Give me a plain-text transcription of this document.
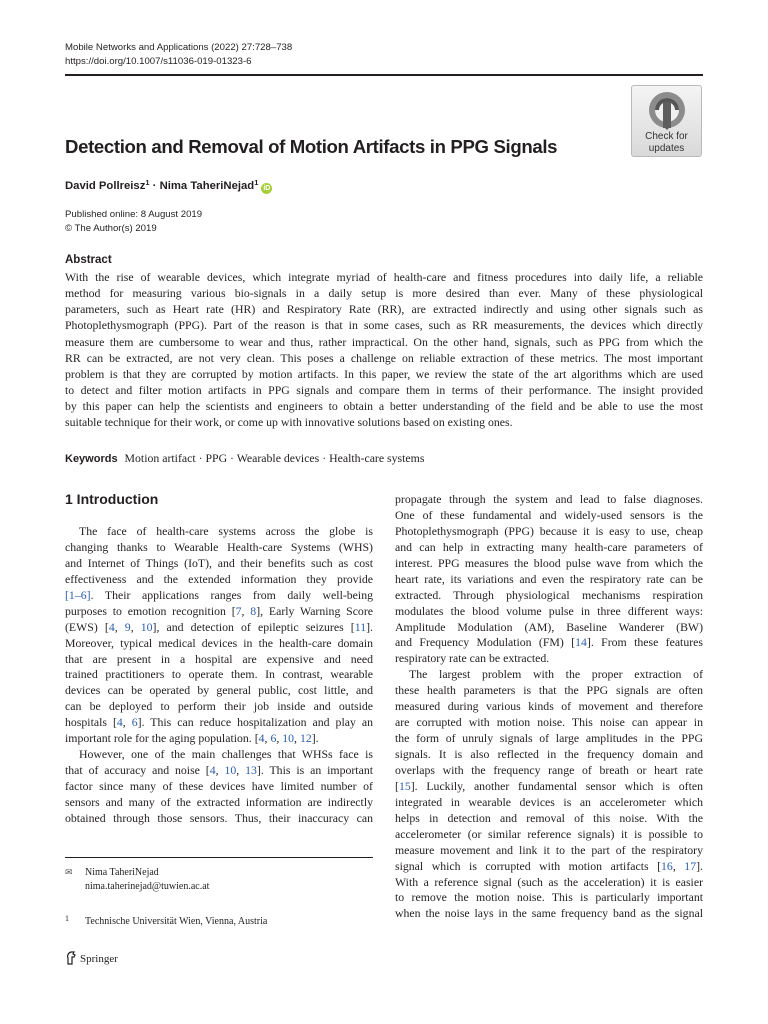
Mobile Networks and Applications (2022) 27:728–738
https://doi.org/10.1007/s11036-019-01323-6
Check for
updates
Detection and Removal of Motion Artifacts in PPG Signals
David Pollreisz$^1$ · Nima TaheriNejad$^1$iD
Published online: 8 August 2019
© The Author(s) 2019
Abstract
With the rise of wearable devices, which integrate myriad of health-care and fitness procedures into daily life, a reliable
method for measuring various bio-signals in a daily setup is more desired than ever. Many of these physiological
parameters, such as Heart rate (HR) and Respiratory Rate (RR), are extracted indirectly and using other signals such as
Photoplethysmograph (PPG). Part of the reason is that in some cases, such as RR measurements, the devices which directly
measure them are cumbersome to wear and thus, rather impractical. On the other hand, signals, such as PPG from which the
RR can be extracted, are not very clean. This poses a challenge on reliable extraction of these metrics. The most important
problem is that they are corrupted by motion artifacts. In this paper, we review the state of the art algorithms which are used
to detect and filter motion artifacts in PPG signals and compare them in terms of their performance. The insight provided
by this paper can help the scientists and engineers to obtain a better understanding of the field and be able to use the most
suitable technique for their work, or come up with innovative solutions based on existing ones.
Keywords Motion artifact · PPG · Wearable devices · Health-care systems
1 Introduction
The face of health-care systems across the globe is
changing thanks to Wearable Health-care Systems (WHS)
and Internet of Things (IoT), and their benefits such as cost
effectiveness and the extended information they provide
[1–6]. Their applications ranges from daily well-being
purposes to emotion recognition [7, 8], Early Warning Score
(EWS) [4, 9, 10], and detection of epileptic seizures [11].
Moreover, typical medical devices in the health-care domain
that are present in a hospital are expensive and need
trained practitioners to operate them. In contrast, wearable
devices can be operated by general public, cost little, and
can be deployed to perform their job inside and outside
hospitals [4, 6]. This can reduce hospitalization and play an
important role for the aging population. [4, 6, 10, 12].
However, one of the main challenges that WHSs face is
that of accuracy and noise [4, 10, 13]. This is an important
factor since many of these devices have limited number of
sensors and many of the extracted information are indirectly
obtained through those sensors. Thus, their inaccuracy can
propagate through the system and lead to false diagnoses.
One of these fundamental and widely-used sensors is the
Photoplethysmograph (PPG) because it is easy to use, cheap
and can help in extracting many health-care parameters of
interest. PPG measures the blood pulse wave from which the
heart rate, its variations and even the respiratory rate can be
extracted. Through physiological mechanisms respiration
modulates the blood volume pulse in three different ways:
Amplitude Modulation (AM), Baseline Wanderer (BW)
and Frequency Modulation (FM) [14]. From these features
respiratory rate can be extracted.
The largest problem with the proper extraction of
these health parameters is that the PPG signals are often
measured during various kinds of movement and therefore
are corrupted with motion noise. This noise can appear in
the form of unruly signals of large amplitudes in the PPG
signals. It is also reflected in the frequency domain and
overlaps with the frequency range of breath or heart rate
[15]. Luckily, another fundamental sensor which is often
integrated in wearable devices is an accelerometer which
helps in detection and removal of this noise. With the
accelerometer (or similar reference signals) it is possible to
measure movement and link it to the part of the respiratory
signal which is corrupted with motion artifacts [16, 17].
With a reference signal (such as the acceleration) it is easier
to remove the motion noise. This is particularly important
when the noise lays in the same frequency band as the signal
✉ Nima TaheriNejad
nima.taherinejad@tuwien.ac.at
1 Technische Universität Wien, Vienna, Austria
Springer
